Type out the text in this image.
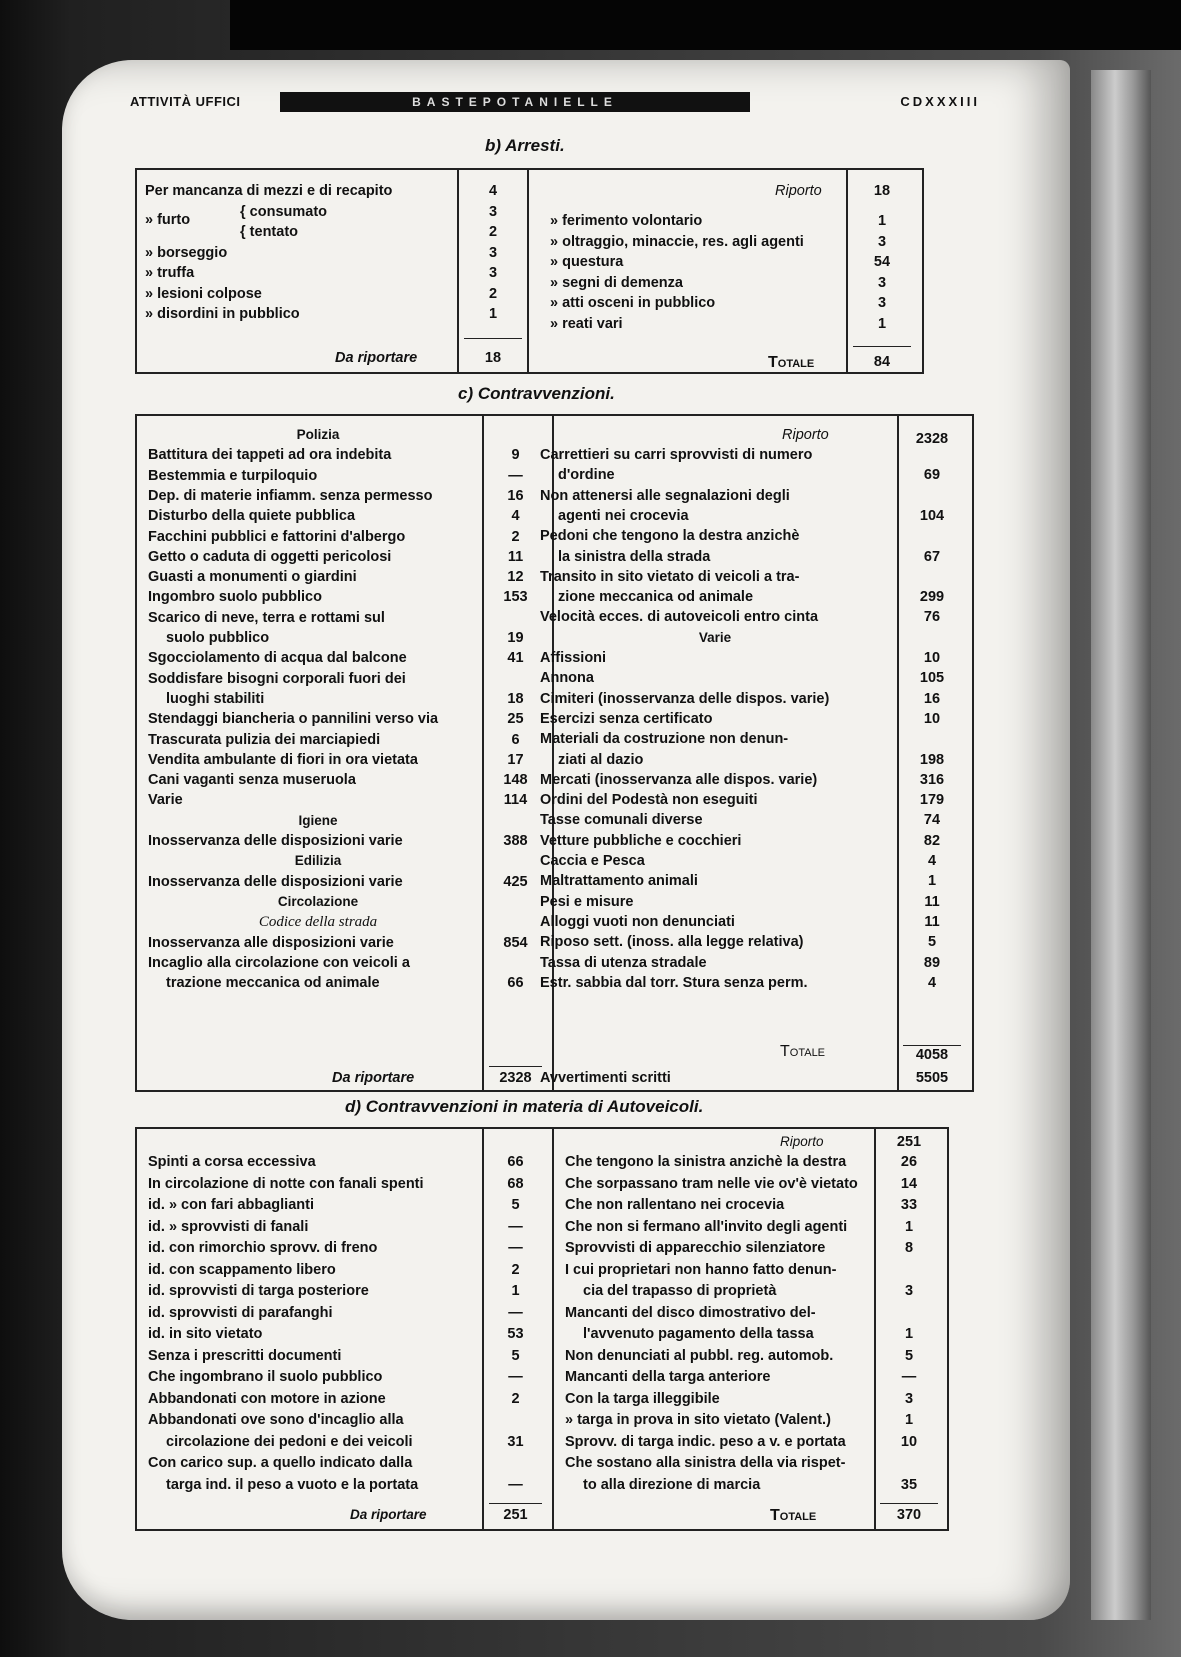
ATTIVITÀ UFFICI	BASTEPOTANIELLE	CDXXXIII
b) Arresti.
c) Contravvenzioni.
d) Contravvenzioni in materia di Autoveicoli.
Per mancanza di mezzi e di recapito	4
» furto	{ consumato	3
{ tentato	2
» borseggio	3
» truffa	3
» lesioni colpose	2
» disordini in pubblico	1
Da riportare	18
Riporto	18
» ferimento volontario	1
» oltraggio, minaccie, res. agli agenti	3
» questura	54
» segni di demenza	3
» atti osceni in pubblico	3
» reati vari	1
Totale	84
Polizia
Battitura dei tappeti ad ora indebita	9
Bestemmia e turpiloquio	—
Dep. di materie infiamm. senza permesso	16
Disturbo della quiete pubblica	4
Facchini pubblici e fattorini d'albergo	2
Getto o caduta di oggetti pericolosi	11
Guasti a monumenti o giardini	12
Ingombro suolo pubblico	153
Scarico di neve, terra e rottami sul
suolo pubblico	19
Sgocciolamento di acqua dal balcone	41
Soddisfare bisogni corporali fuori dei
luoghi stabiliti	18
Stendaggi biancheria o pannilini verso via	25
Trascurata pulizia dei marciapiedi	6
Vendita ambulante di fiori in ora vietata	17
Cani vaganti senza museruola	148
Varie	114
Igiene
Inosservanza delle disposizioni varie	388
Edilizia
Inosservanza delle disposizioni varie	425
Circolazione
Codice della strada
Inosservanza alle disposizioni varie	854
Incaglio alla circolazione con veicoli a
trazione meccanica od animale	66
Da riportare	2328
Riporto	2328
Carrettieri su carri sprovvisti di numero
d'ordine	69
Non attenersi alle segnalazioni degli
agenti nei crocevia	104
Pedoni che tengono la destra anzichè
la sinistra della strada	67
Transito in sito vietato di veicoli a tra-
zione meccanica od animale	299
Velocità ecces. di autoveicoli entro cinta	76
Varie
Affissioni	10
Annona	105
Cimiteri (inosservanza delle dispos. varie)	16
Esercizi senza certificato	10
Materiali da costruzione non denun-
ziati al dazio	198
Mercati (inosservanza alle dispos. varie)	316
Ordini del Podestà non eseguiti	179
Tasse comunali diverse	74
Vetture pubbliche e cocchieri	82
Caccia e Pesca	4
Maltrattamento animali	1
Pesi e misure	11
Alloggi vuoti non denunciati	11
Riposo sett. (inoss. alla legge relativa)	5
Tassa di utenza stradale	89
Estr. sabbia dal torr. Stura senza perm.	4
Totale	4058
Avvertimenti scritti	5505
Spinti a corsa eccessiva	66
In circolazione di notte con fanali spenti	68
id. » con fari abbaglianti	5
id. » sprovvisti di fanali	—
id. con rimorchio sprovv. di freno	—
id. con scappamento libero	2
id. sprovvisti di targa posteriore	1
id. sprovvisti di parafanghi	—
id. in sito vietato	53
Senza i prescritti documenti	5
Che ingombrano il suolo pubblico	—
Abbandonati con motore in azione	2
Abbandonati ove sono d'incaglio alla
circolazione dei pedoni e dei veicoli	31
Con carico sup. a quello indicato dalla
targa ind. il peso a vuoto e la portata	—
Da riportare	251
Riporto	251
Che tengono la sinistra anzichè la destra	26
Che sorpassano tram nelle vie ov'è vietato	14
Che non rallentano nei crocevia	33
Che non si fermano all'invito degli agenti	1
Sprovvisti di apparecchio silenziatore	8
I cui proprietari non hanno fatto denun-
cia del trapasso di proprietà	3
Mancanti del disco dimostrativo del-
l'avvenuto pagamento della tassa	1
Non denunciati al pubbl. reg. automob.	5
Mancanti della targa anteriore	—
Con la targa illeggibile	3
» targa in prova in sito vietato (Valent.)	1
Sprovv. di targa indic. peso a v. e portata	10
Che sostano alla sinistra della via rispet-
to alla direzione di marcia	35
Totale	370
